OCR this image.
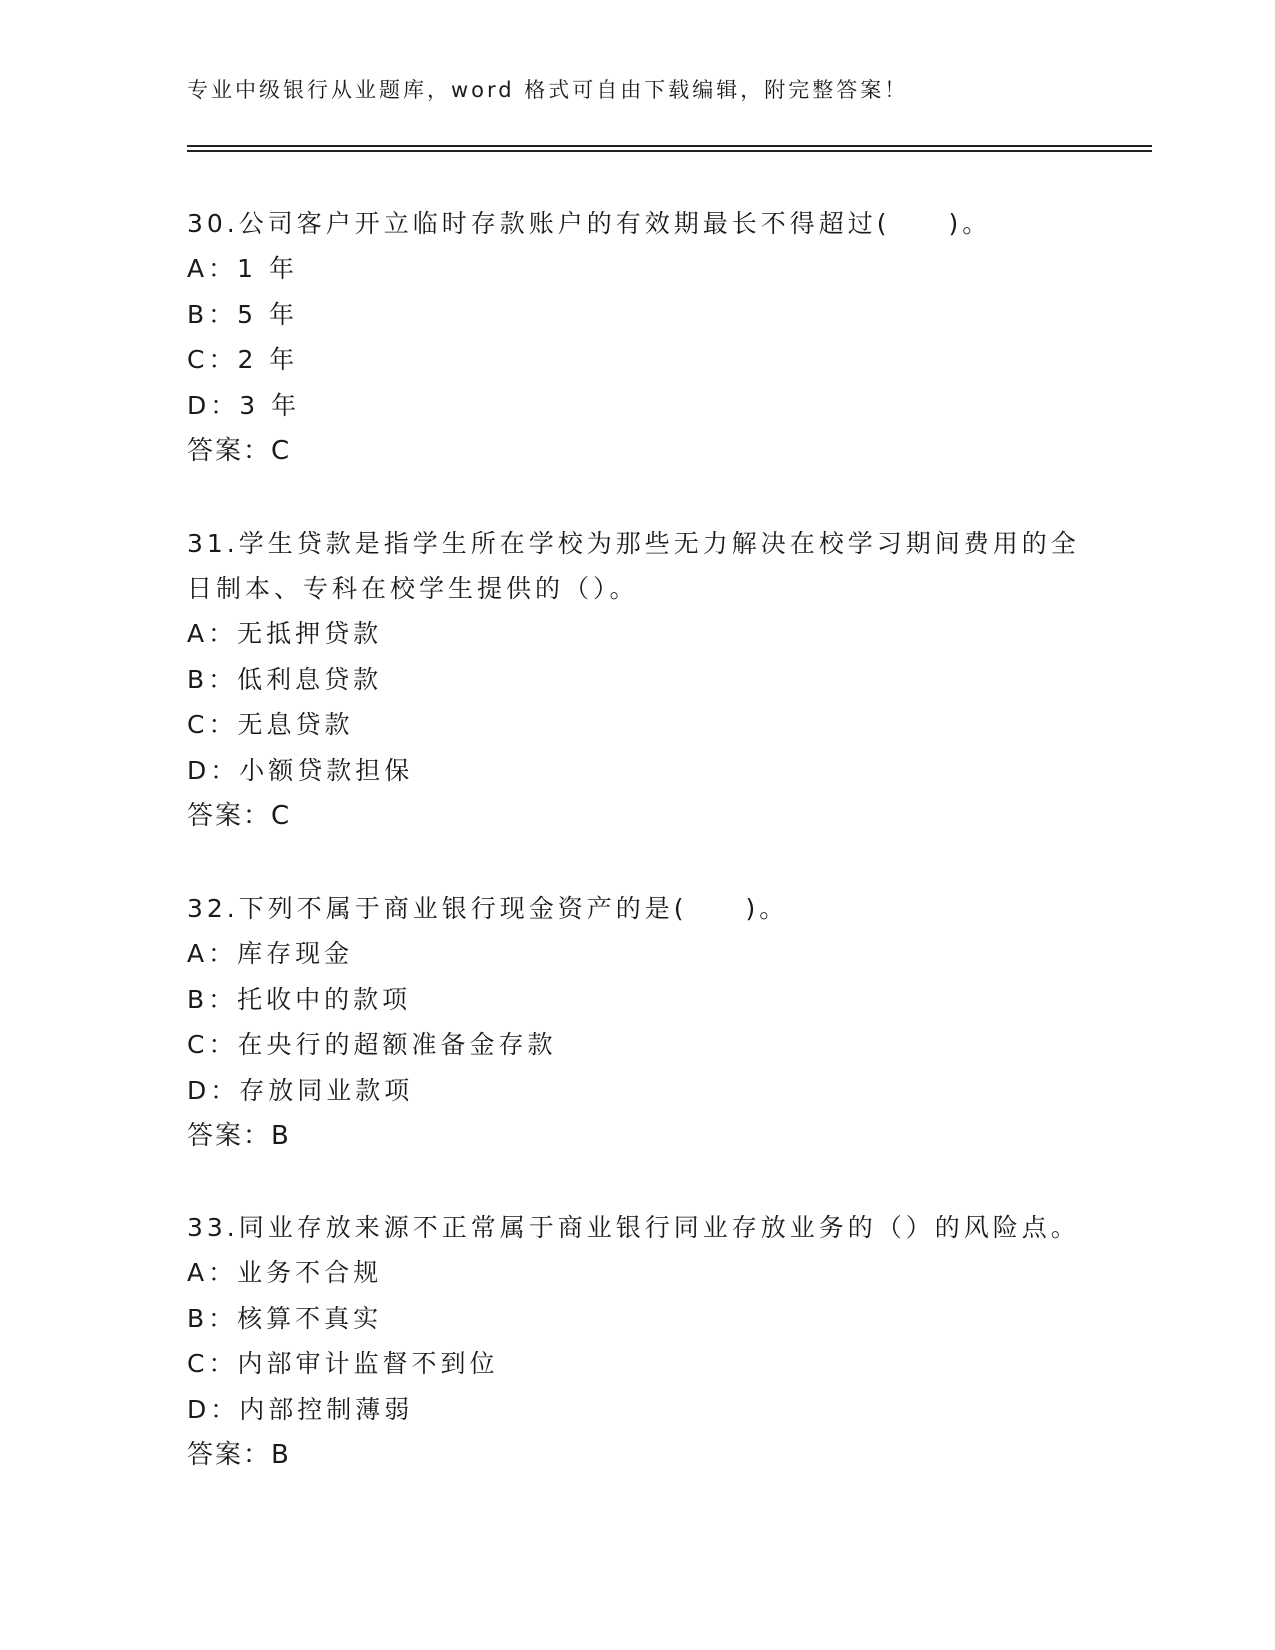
专业中级银行从业题库，word 格式可自由下载编辑，附完整答案！

30.公司客户开立临时存款账户的有效期最长不得超过(　　)。

A：1 年
B：5 年
C：2 年
D：3 年
答案：C

31.学生贷款是指学生所在学校为那些无力解决在校学习期间费用的全日制本、专科在校学生提供的（）。

A：无抵押贷款
B：低利息贷款
C：无息贷款
D：小额贷款担保
答案：C

32.下列不属于商业银行现金资产的是(　　)。

A：库存现金
B：托收中的款项
C：在央行的超额准备金存款
D：存放同业款项
答案：B

33.同业存放来源不正常属于商业银行同业存放业务的（）的风险点。

A：业务不合规
B：核算不真实
C：内部审计监督不到位
D：内部控制薄弱
答案：B
